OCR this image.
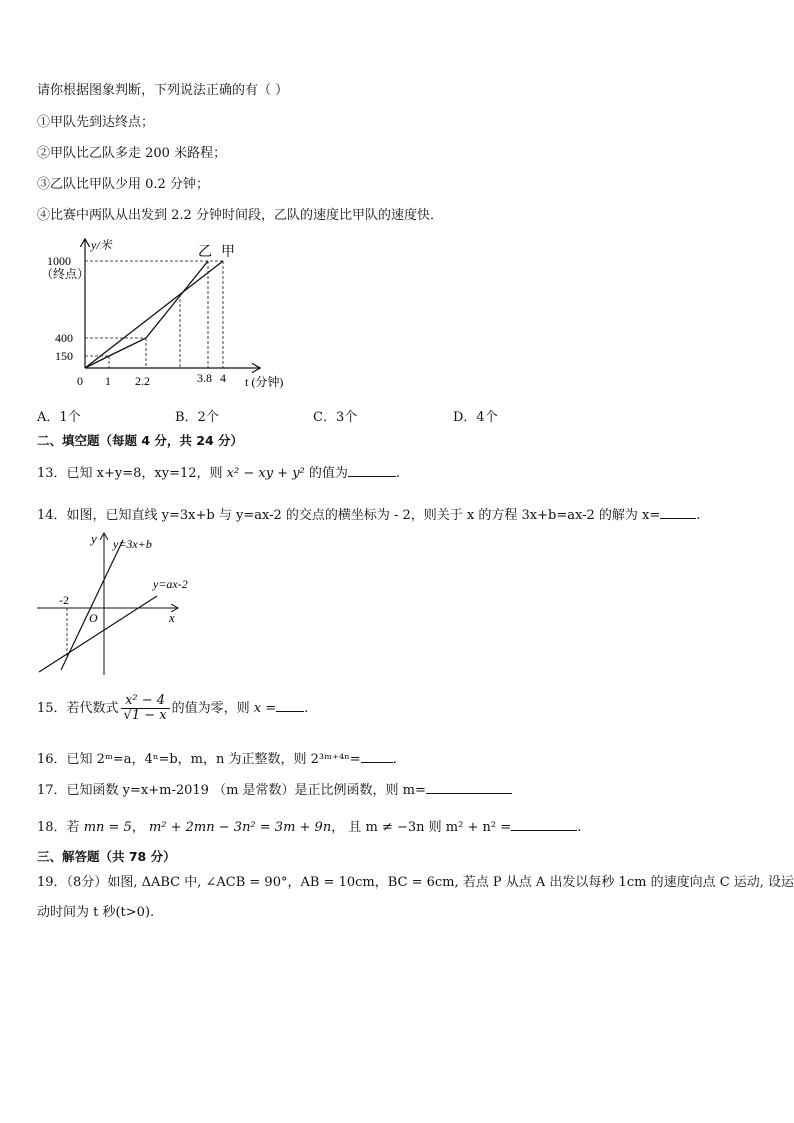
请你根据图象判断，下列说法正确的有（ ）
①甲队先到达终点；
②甲队比乙队多走 200 米路程；
③乙队比甲队少用 0.2 分钟；
④比赛中两队从出发到 2.2 分钟时间段，乙队的速度比甲队的速度快．
y/米
1000
（终点）
400
150
0 1 2.2	3.8 4 t (分钟)
乙 甲
A．1个	B．2个	C．3个	D．4个
二、填空题（每题 4 分，共 24 分）
13．已知 x+y=8，xy=12，则 x² − xy + y² 的值为	.
14．如图，已知直线 y=3x+b 与 y=ax-2 的交点的横坐标为 - 2，则关于 x 的方程 3x+b=ax-2 的解为 x=	.
y y=3x+b
y=ax-2
-2
O	x
15．若代数式 $\frac{\text{x² − 4}}{√1 - x}$ 的值为零，则 x = .
16．已知 2ᵐ=a，4ⁿ=b，m，n 为正整数，则 2³ᵐ⁺⁴ⁿ= .
17．已知函数 y=x+m-2019 （m 是常数）是正比例函数，则 m=
18．若 mn = 5， m² + 2mn − 3n² = 3m + 9n， 且 m ≠ −3n 则 m² + n² =	.
三、解答题（共 78 分）
19．（8分）如图, ΔABC 中, ∠ACB = 90°，AB = 10cm，BC = 6cm, 若点 P 从点 A 出发以每秒 1cm 的速度向点 C 运动, 设运
动时间为 t 秒(t>0).
